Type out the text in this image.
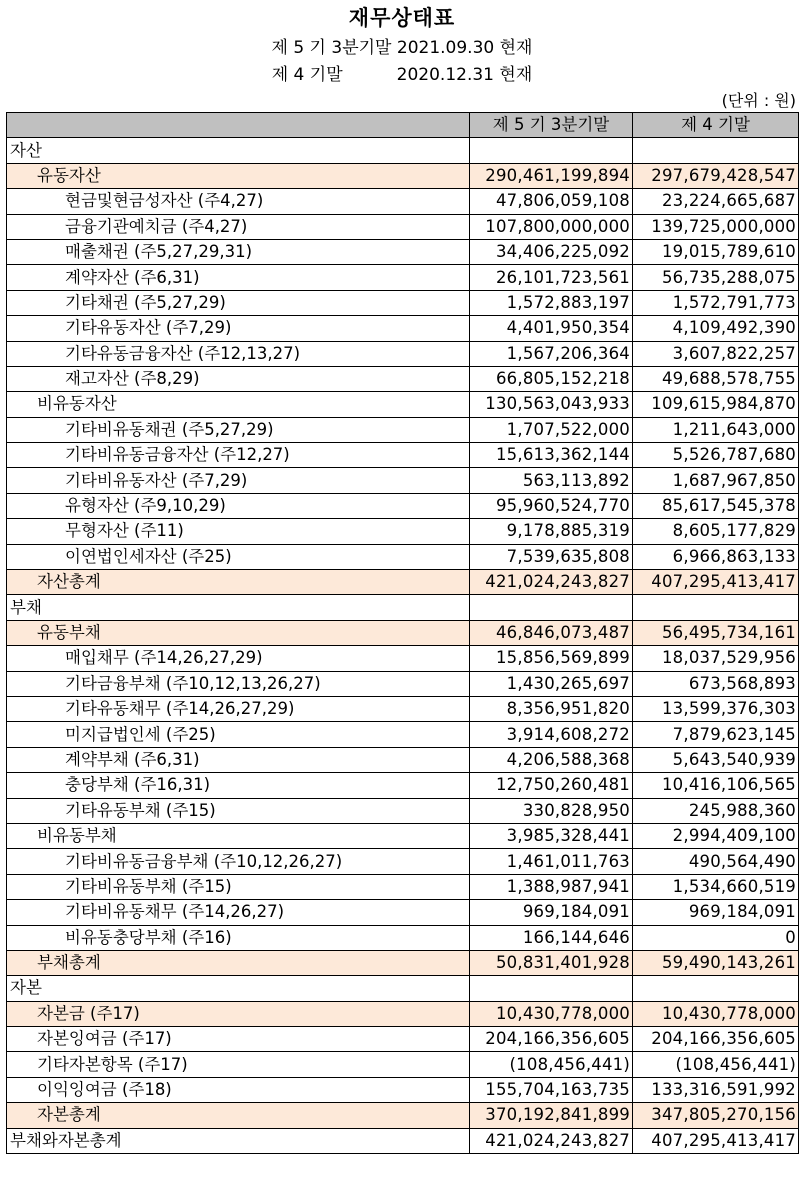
재무상태표
제 5 기 3분기말 2021.09.30 현재
제 4 기말          2020.12.31 현재
(단위 : 원)
	제 5 기 3분기말	제 4 기말
자산		
유동자산	290,461,199,894	297,679,428,547
현금및현금성자산 (주4,27)	47,806,059,108	23,224,665,687
금융기관예치금 (주4,27)	107,800,000,000	139,725,000,000
매출채권 (주5,27,29,31)	34,406,225,092	19,015,789,610
계약자산 (주6,31)	26,101,723,561	56,735,288,075
기타채권 (주5,27,29)	1,572,883,197	1,572,791,773
기타유동자산 (주7,29)	4,401,950,354	4,109,492,390
기타유동금융자산 (주12,13,27)	1,567,206,364	3,607,822,257
재고자산 (주8,29)	66,805,152,218	49,688,578,755
비유동자산	130,563,043,933	109,615,984,870
기타비유동채권 (주5,27,29)	1,707,522,000	1,211,643,000
기타비유동금융자산 (주12,27)	15,613,362,144	5,526,787,680
기타비유동자산 (주7,29)	563,113,892	1,687,967,850
유형자산 (주9,10,29)	95,960,524,770	85,617,545,378
무형자산 (주11)	9,178,885,319	8,605,177,829
이연법인세자산 (주25)	7,539,635,808	6,966,863,133
자산총계	421,024,243,827	407,295,413,417
부채		
유동부채	46,846,073,487	56,495,734,161
매입채무 (주14,26,27,29)	15,856,569,899	18,037,529,956
기타금융부채 (주10,12,13,26,27)	1,430,265,697	673,568,893
기타유동채무 (주14,26,27,29)	8,356,951,820	13,599,376,303
미지급법인세 (주25)	3,914,608,272	7,879,623,145
계약부채 (주6,31)	4,206,588,368	5,643,540,939
충당부채 (주16,31)	12,750,260,481	10,416,106,565
기타유동부채 (주15)	330,828,950	245,988,360
비유동부채	3,985,328,441	2,994,409,100
기타비유동금융부채 (주10,12,26,27)	1,461,011,763	490,564,490
기타비유동부채 (주15)	1,388,987,941	1,534,660,519
기타비유동채무 (주14,26,27)	969,184,091	969,184,091
비유동충당부채 (주16)	166,144,646	0
부채총계	50,831,401,928	59,490,143,261
자본		
자본금 (주17)	10,430,778,000	10,430,778,000
자본잉여금 (주17)	204,166,356,605	204,166,356,605
기타자본항목 (주17)	(108,456,441)	(108,456,441)
이익잉여금 (주18)	155,704,163,735	133,316,591,992
자본총계	370,192,841,899	347,805,270,156
부채와자본총계	421,024,243,827	407,295,413,417
